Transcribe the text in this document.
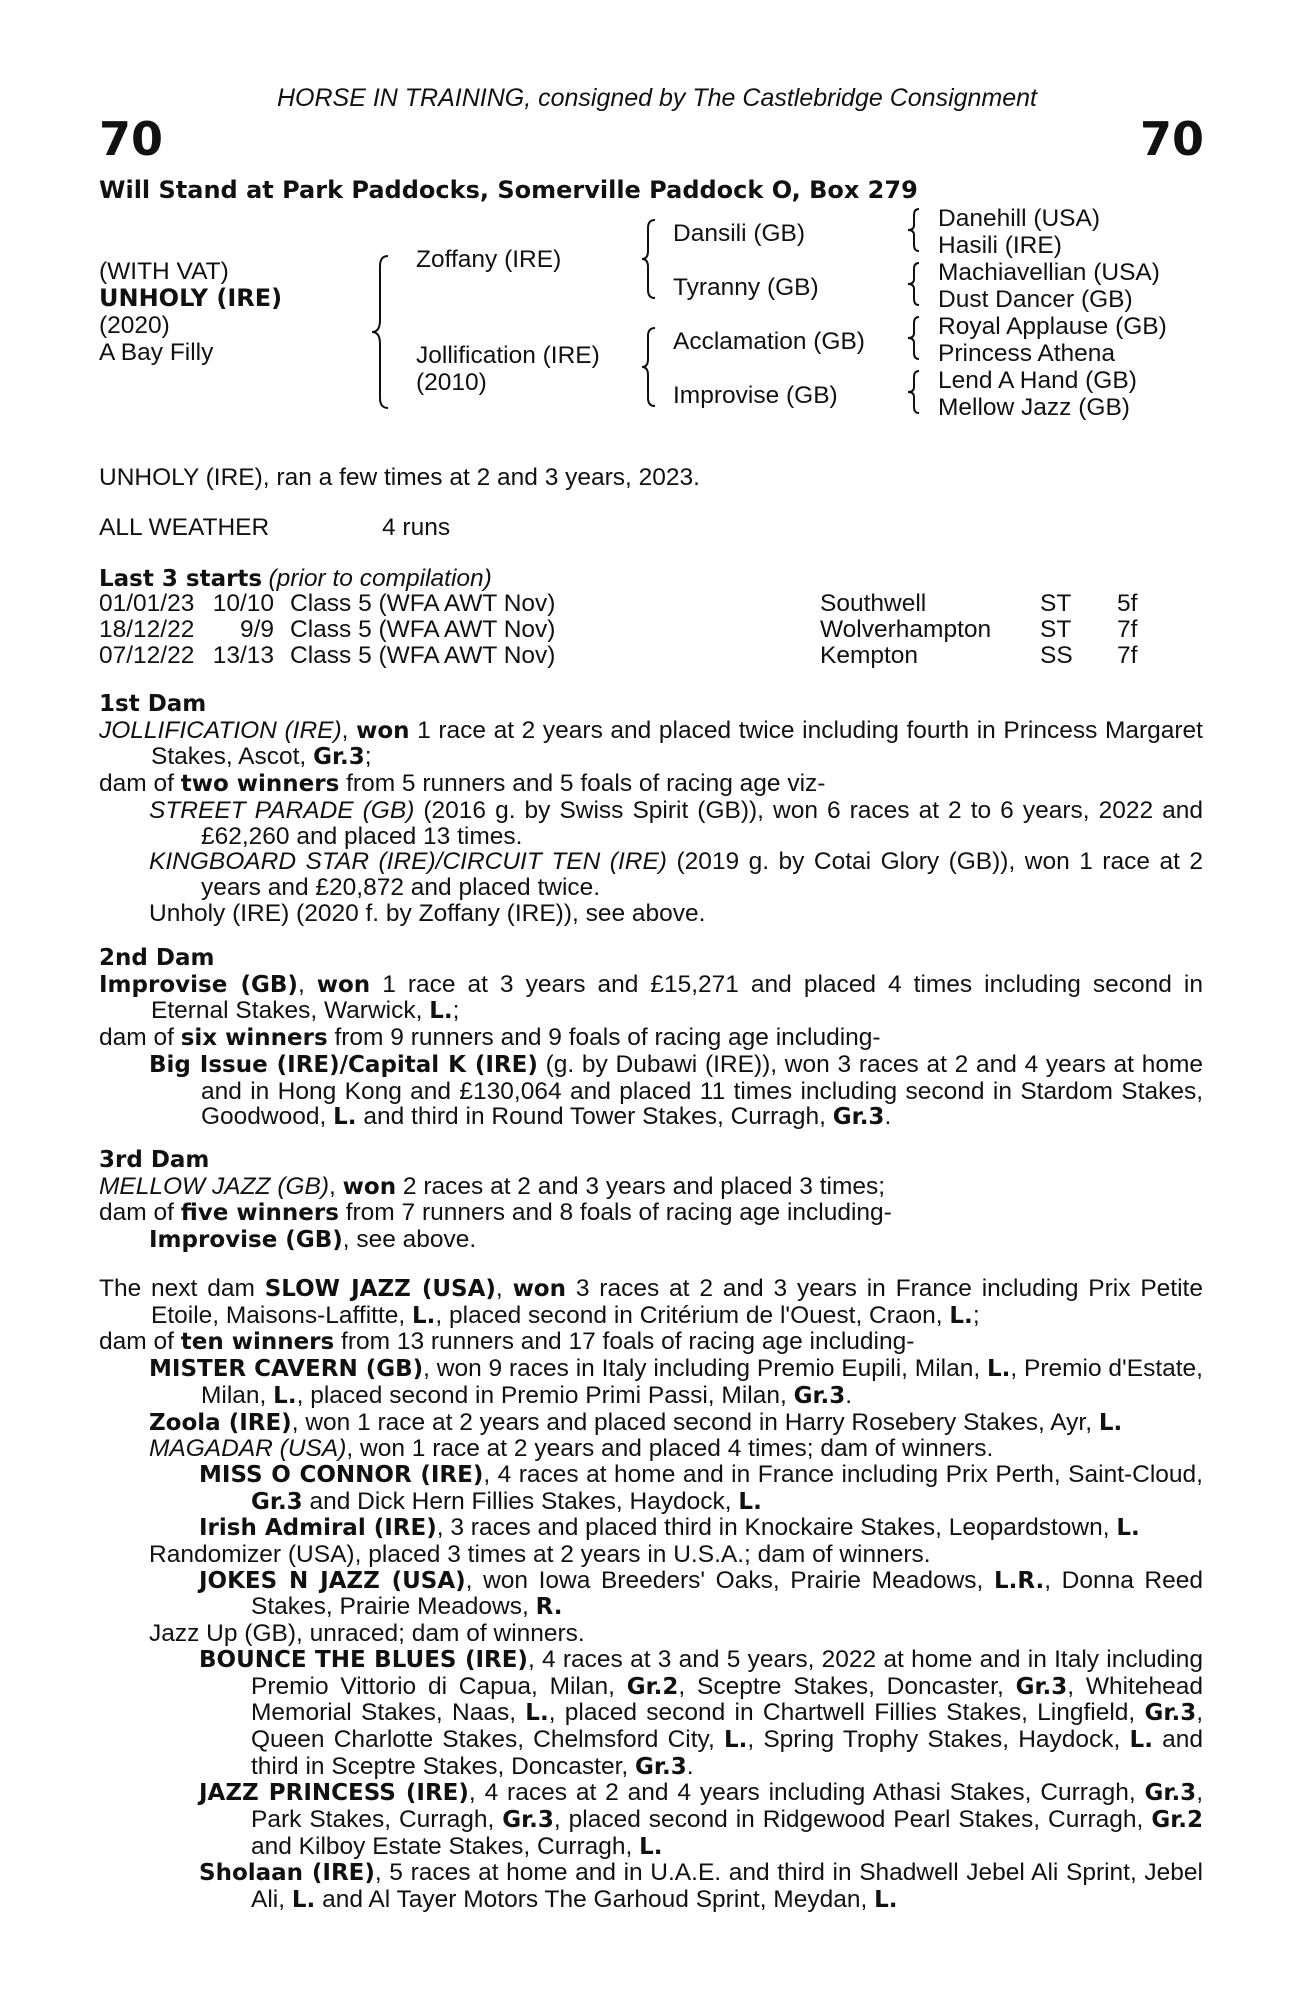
HORSE IN TRAINING, consigned by The Castlebridge Consignment
70	70
Will Stand at Park Paddocks, Somerville Paddock O, Box 279
(WITH VAT)
UNHOLY (IRE)
(2020)
A Bay Filly
Zoffany (IRE)
Jollification (IRE)
(2010)
Dansili (GB)
Tyranny (GB)
Acclamation (GB)
Improvise (GB)
Danehill (USA)
Hasili (IRE)
Machiavellian (USA)
Dust Dancer (GB)
Royal Applause (GB)
Princess Athena
Lend A Hand (GB)
Mellow Jazz (GB)
UNHOLY (IRE), ran a few times at 2 and 3 years, 2023.
ALL WEATHER	4 runs
Last 3 starts (prior to compilation)
01/01/23 10/10 Class 5 (WFA AWT Nov)	Southwell	ST 5f
18/12/22	9/9 Class 5 (WFA AWT Nov)	Wolverhampton ST 7f
07/12/22 13/13 Class 5 (WFA AWT Nov)	Kempton	SS 7f
1st Dam
JOLLIFICATION (IRE), won 1 race at 2 years and placed twice including fourth in Princess Margaret Stakes, Ascot, Gr.3;
dam of two winners from 5 runners and 5 foals of racing age viz-
STREET PARADE (GB) (2016 g. by Swiss Spirit (GB)), won 6 races at 2 to 6 years, 2022 and £62,260 and placed 13 times.
KINGBOARD STAR (IRE)/CIRCUIT TEN (IRE) (2019 g. by Cotai Glory (GB)), won 1 race at 2 years and £20,872 and placed twice.
Unholy (IRE) (2020 f. by Zoffany (IRE)), see above.
2nd Dam
Improvise (GB), won 1 race at 3 years and £15,271 and placed 4 times including second in Eternal Stakes, Warwick, L.;
dam of six winners from 9 runners and 9 foals of racing age including-
Big Issue (IRE)/Capital K (IRE) (g. by Dubawi (IRE)), won 3 races at 2 and 4 years at home and in Hong Kong and £130,064 and placed 11 times including second in Stardom Stakes, Goodwood, L. and third in Round Tower Stakes, Curragh, Gr.3.
3rd Dam
MELLOW JAZZ (GB), won 2 races at 2 and 3 years and placed 3 times;
dam of five winners from 7 runners and 8 foals of racing age including-
Improvise (GB), see above.
The next dam SLOW JAZZ (USA), won 3 races at 2 and 3 years in France including Prix Petite Etoile, Maisons-Laffitte, L., placed second in Critérium de l'Ouest, Craon, L.;
dam of ten winners from 13 runners and 17 foals of racing age including-
MISTER CAVERN (GB), won 9 races in Italy including Premio Eupili, Milan, L., Premio d'Estate, Milan, L., placed second in Premio Primi Passi, Milan, Gr.3.
Zoola (IRE), won 1 race at 2 years and placed second in Harry Rosebery Stakes, Ayr, L.
MAGADAR (USA), won 1 race at 2 years and placed 4 times; dam of winners.
MISS O CONNOR (IRE), 4 races at home and in France including Prix Perth, Saint-Cloud, Gr.3 and Dick Hern Fillies Stakes, Haydock, L.
Irish Admiral (IRE), 3 races and placed third in Knockaire Stakes, Leopardstown, L.
Randomizer (USA), placed 3 times at 2 years in U.S.A.; dam of winners.
JOKES N JAZZ (USA), won Iowa Breeders' Oaks, Prairie Meadows, L.R., Donna Reed Stakes, Prairie Meadows, R.
Jazz Up (GB), unraced; dam of winners.
BOUNCE THE BLUES (IRE), 4 races at 3 and 5 years, 2022 at home and in Italy including Premio Vittorio di Capua, Milan, Gr.2, Sceptre Stakes, Doncaster, Gr.3, Whitehead Memorial Stakes, Naas, L., placed second in Chartwell Fillies Stakes, Lingfield, Gr.3, Queen Charlotte Stakes, Chelmsford City, L., Spring Trophy Stakes, Haydock, L. and third in Sceptre Stakes, Doncaster, Gr.3.
JAZZ PRINCESS (IRE), 4 races at 2 and 4 years including Athasi Stakes, Curragh, Gr.3, Park Stakes, Curragh, Gr.3, placed second in Ridgewood Pearl Stakes, Curragh, Gr.2 and Kilboy Estate Stakes, Curragh, L.
Sholaan (IRE), 5 races at home and in U.A.E. and third in Shadwell Jebel Ali Sprint, Jebel Ali, L. and Al Tayer Motors The Garhoud Sprint, Meydan, L.
